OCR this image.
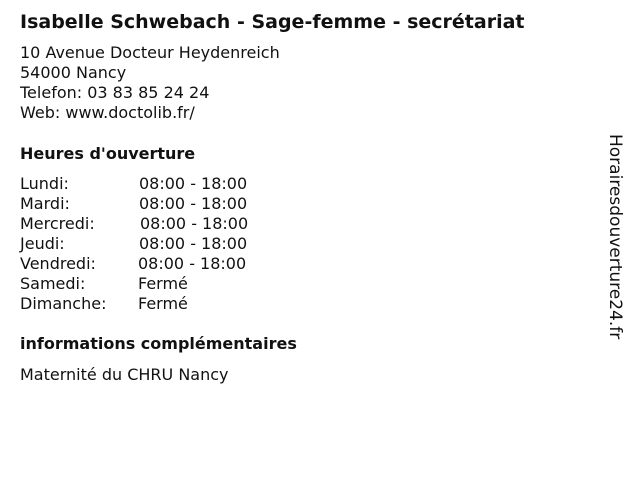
Isabelle Schwebach - Sage-femme - secrétariat
10 Avenue Docteur Heydenreich
54000 Nancy
Telefon: 03 83 85 24 24
Web: www.doctolib.fr/
Heures d'ouverture
Lundi:	08:00 - 18:00
Mardi:	08:00 - 18:00
Mercredi:	08:00 - 18:00
Jeudi:	08:00 - 18:00
Vendredi:	08:00 - 18:00
Samedi:	Fermé
Dimanche: Fermé
informations complémentaires
Maternité du CHRU Nancy
Horairesdouverture24.fr
